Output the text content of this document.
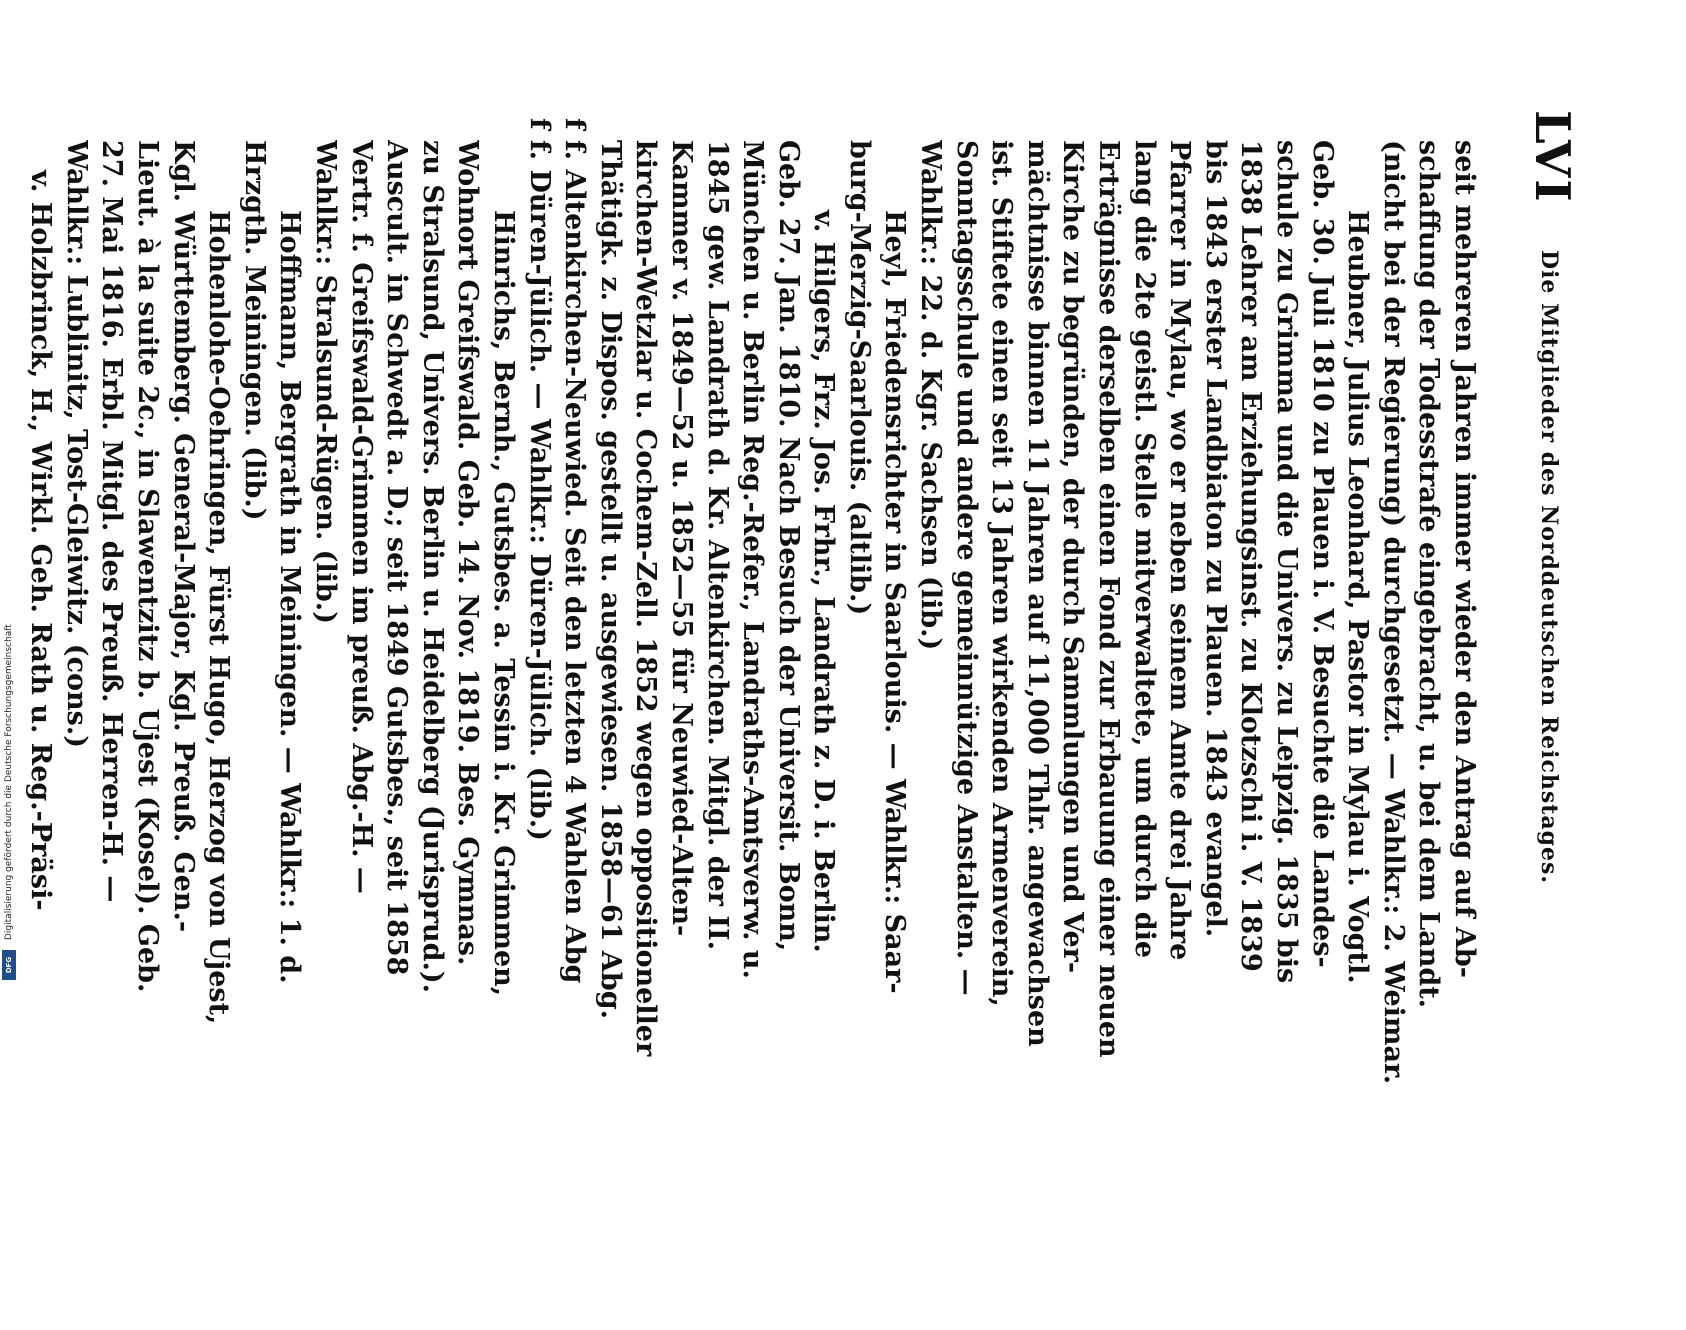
LVI
Die Mitglieder des Norddeutschen Reichstages.
seit mehreren Jahren immer wieder den Antrag auf Ab-
schaffung der Todesstrafe eingebracht, u. bei dem Landt.
(nicht bei der Regierung) durchgesetzt. — Wahlkr.: 2. Weimar.
Heubner, Julius Leonhard, Pastor in Mylau i. Vogtl.
Geb. 30. Juli 1810 zu Plauen i. V. Besuchte die Landes-
schule zu Grimma und die Univers. zu Leipzig. 1835 bis
1838 Lehrer am Erziehungsinst. zu Klotzschi i. V. 1839
bis 1843 erster Landbiaton zu Plauen. 1843 evangel.
Pfarrer in Mylau, wo er neben seinem Amte drei Jahre
lang die 2te geistl. Stelle mitverwaltete, um durch die
Erträgnisse derselben einen Fond zur Erbauung einer neuen
Kirche zu begründen, der durch Sammlungen und Ver-
mächtnisse binnen 11 Jahren auf 11,000 Thlr. angewachsen
ist. Stiftete einen seit 13 Jahren wirkenden Armenverein,
Sonntagsschule und andere gemeinnützige Anstalten. —
Wahlkr.: 22. d. Kgr. Sachsen (lib.)
Heyl, Friedensrichter in Saarlouis. — Wahlkr.: Saar-
burg-Merzig-Saarlouis. (altlib.)
v. Hilgers, Frz. Jos. Frhr., Landrath z. D. i. Berlin.
Geb. 27. Jan. 1810. Nach Besuch der Universit. Bonn,
München u. Berlin Reg.-Refer., Landraths-Amtsverw. u.
1845 gew. Landrath d. Kr. Altenkirchen. Mitgl. der II.
Kammer v. 1849—52 u. 1852—55 für Neuwied-Alten-
kirchen-Wetzlar u. Cochem-Zell. 1852 wegen oppositioneller
Thätigk. z. Dispos. gestellt u. ausgewiesen. 1858—61 Abg.
f. Altenkirchen-Neuwied. Seit den letzten 4 Wahlen Abg
f. Düren-Jülich. — Wahlkr.: Düren-Jülich. (lib.)
Hinrichs, Bernh., Gutsbes. a. Tessin i. Kr. Grimmen,
Wohnort Greifswald. Geb. 14. Nov. 1819. Bes. Gymnas.
zu Stralsund, Univers. Berlin u. Heidelberg (Jurisprud.).
Auscult. in Schwedt a. D.; seit 1849 Gutsbes., seit 1858
Vertr. f. Greifswald-Grimmen im preuß. Abg.-H. —
Wahlkr.: Stralsund-Rügen. (lib.)
Hoffmann, Bergrath in Meiningen. — Wahlkr.: 1. d.
Hrzgth. Meiningen. (lib.)
Hohenlohe-Oehringen, Fürst Hugo, Herzog von Ujest,
Kgl. Württemberg. General-Major, Kgl. Preuß. Gen.-
Lieut. à la suite 2c., in Slawentzitz b. Ujest (Kosel). Geb.
27. Mai 1816. Erbl. Mitgl. des Preuß. Herren-H. —
Wahlkr.: Lublinitz, Tost-Gleiwitz. (cons.)
v. Holzbrinck, H., Wirkl. Geh. Rath u. Reg.-Präsi-
f
f
Digitalisierung gefördert durch die Deutsche Forschungsgemeinschaft
DFG
